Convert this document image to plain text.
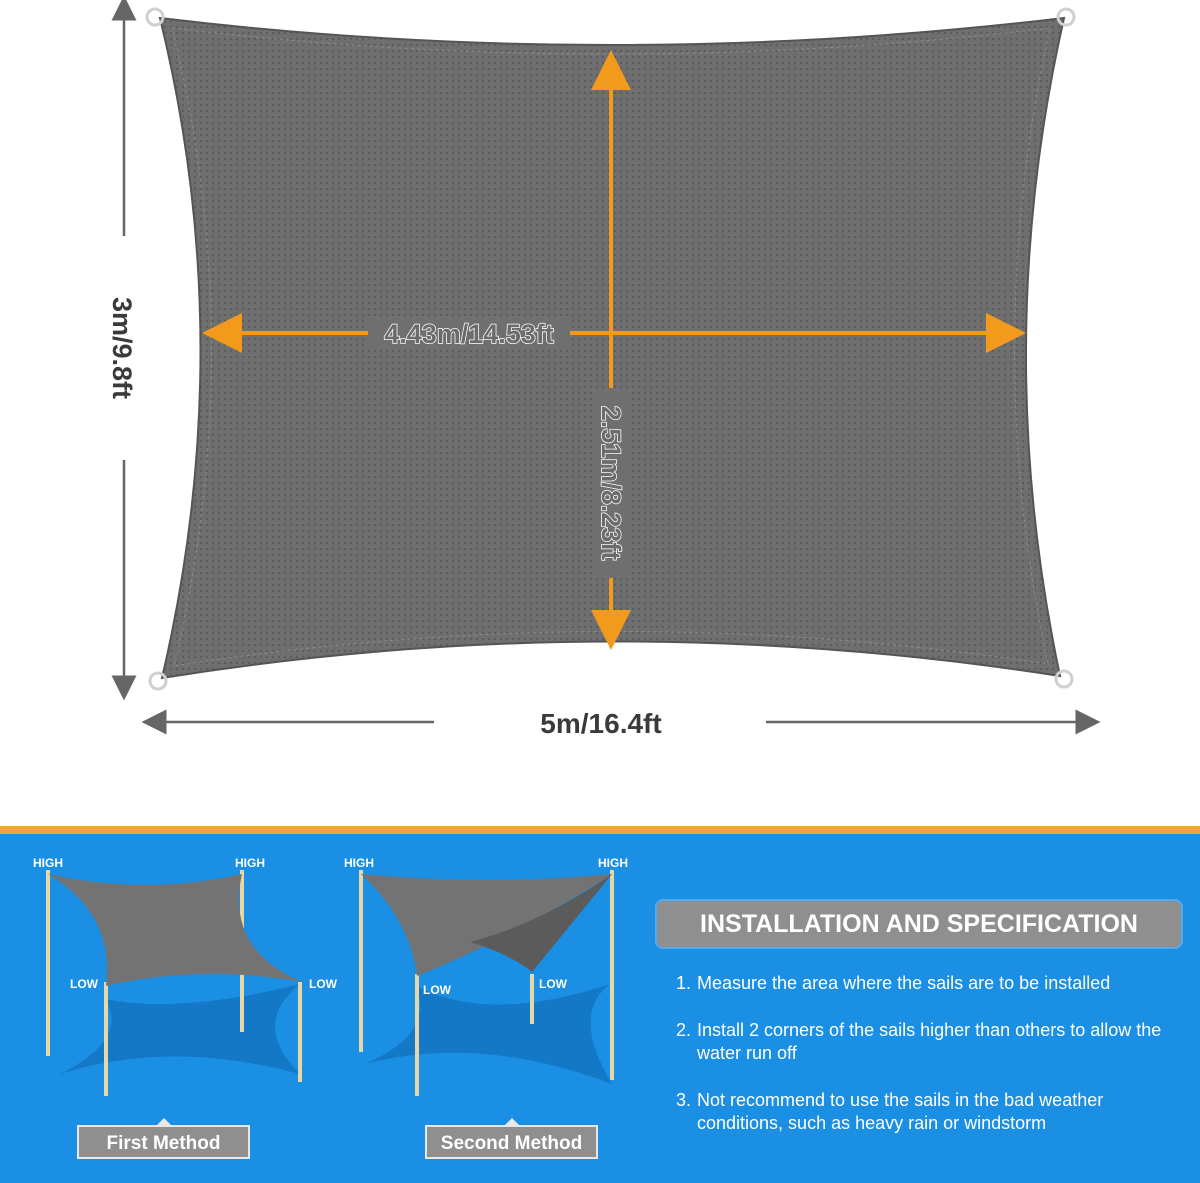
3m/9.8ft
5m/16.4ft
4.43m/14.53ft
2.51m/8.23ft
HIGH	HIGH
LOW	LOW
First Method
HIGH	HIGH
LOW	LOW
Second Method
INSTALLATION AND SPECIFICATION
1. Measure the area where the sails are to be installed
2. Install 2 corners of the sails higher than others to allow the water run off
3. Not recommend to use the sails in the bad weather conditions, such as heavy rain or windstorm
